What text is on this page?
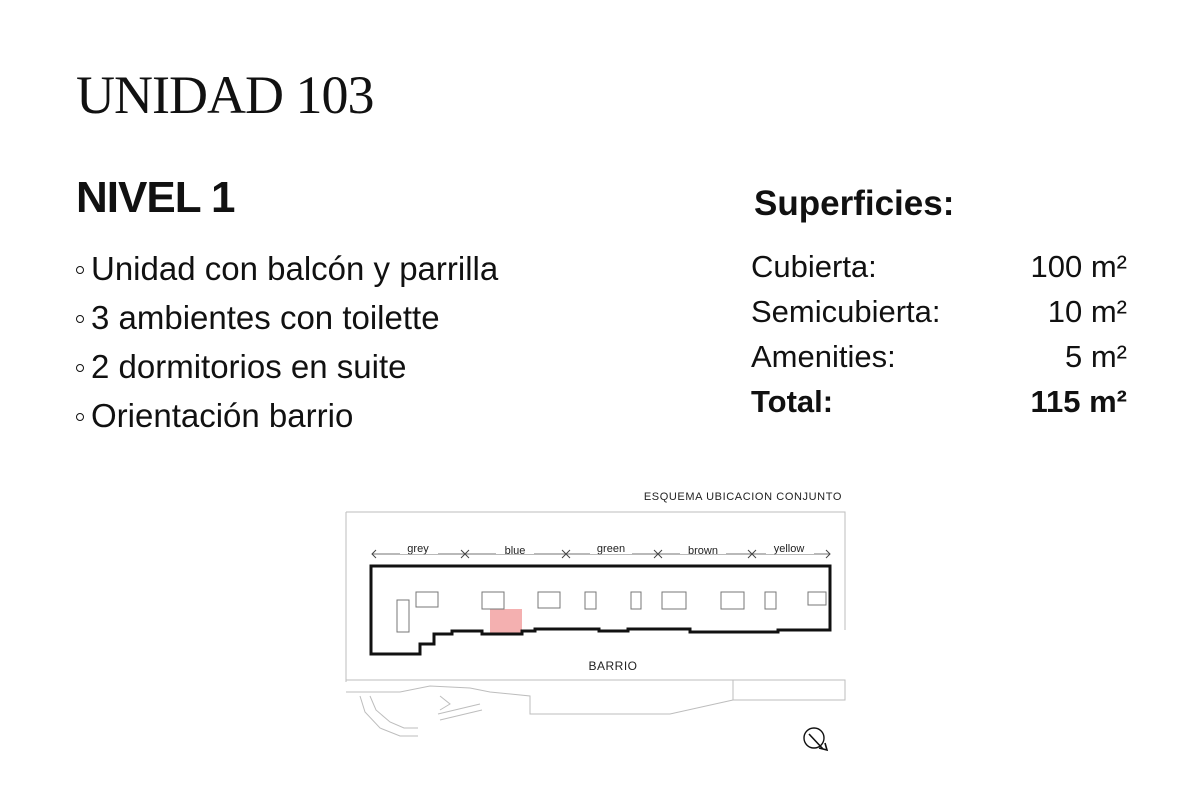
UNIDAD 103
NIVEL 1
Unidad con balcón y parrilla
3 ambientes con toilette
2 dormitorios en suite
Orientación barrio
Superficies:
Cubierta:	100 m²
Semicubierta:	10 m²
Amenities:	5 m²
Total:	115 m²
ESQUEMA UBICACION CONJUNTO
grey	blue	green	brown	yellow
BARRIO
